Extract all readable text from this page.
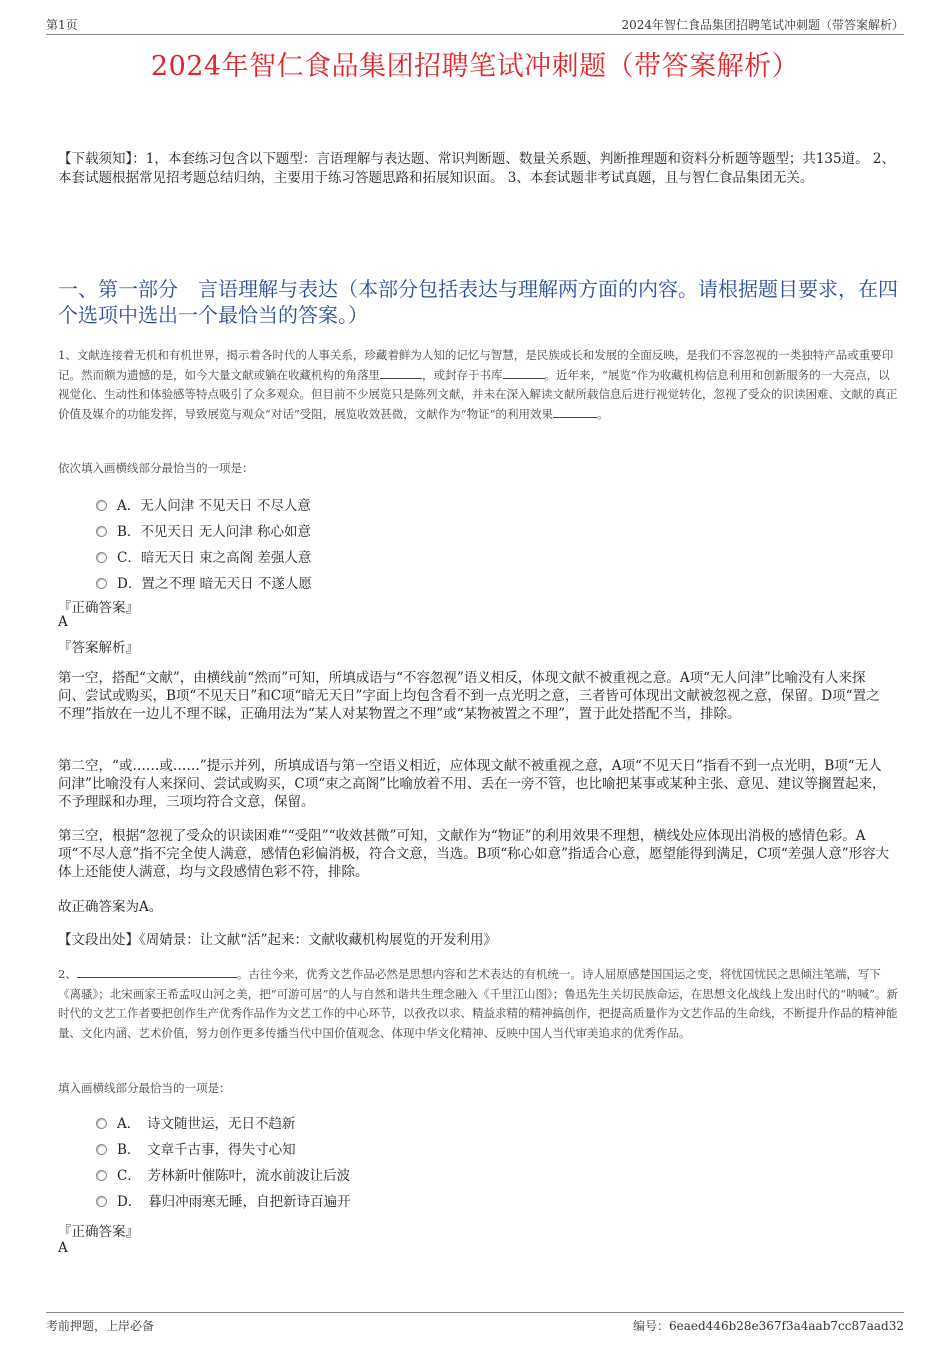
第1页	2024年智仁食品集团招聘笔试冲刺题（带答案解析）
2024年智仁食品集团招聘笔试冲刺题（带答案解析）
【下载须知】：1，本套练习包含以下题型：言语理解与表达题、常识判断题、数量关系题、判断推理题和资料分析题等题型；共135道。 2、本套试题根据常见招考题总结归纳，主要用于练习答题思路和拓展知识面。 3、本套试题非考试真题，且与智仁食品集团无关。
一、第一部分　言语理解与表达（本部分包括表达与理解两方面的内容。请根据题目要求，在四个选项中选出一个最恰当的答案。）
1、文献连接着无机和有机世界，揭示着各时代的人事关系，珍藏着鲜为人知的记忆与智慧，是民族成长和发展的全面反映，是我们不容忽视的一类独特产品或重要印记。然而颇为遗憾的是，如今大量文献或躺在收藏机构的角落里	，或封存于书库	。近年来，“展览”作为收藏机构信息利用和创新服务的一大亮点，以视觉化、生动性和体验感等特点吸引了众多观众。但目前不少展览只是陈列文献，并未在深入解读文献所载信息后进行视觉转化，忽视了受众的识读困难、文献的真正价值及媒介的功能发挥，导致展览与观众“对话”受阻，展览收效甚微，文献作为“物证”的利用效果	。
依次填入画横线部分最恰当的一项是：
A．无人问津 不见天日 不尽人意
B．不见天日 无人问津 称心如意
C．暗无天日 束之高阁 差强人意
D．置之不理 暗无天日 不遂人愿
『正确答案』
A
『答案解析』
第一空，搭配“文献”，由横线前“然而”可知，所填成语与“不容忽视”语义相反，体现文献不被重视之意。A项“无人问津”比喻没有人来探问、尝试或购买，B项“不见天日”和C项“暗无天日”字面上均包含看不到一点光明之意，三者皆可体现出文献被忽视之意，保留。D项“置之不理”指放在一边儿不理不睬，正确用法为“某人对某物置之不理”或“某物被置之不理”，置于此处搭配不当，排除。
第二空，“或……或……”提示并列，所填成语与第一空语义相近，应体现文献不被重视之意，A项“不见天日”指看不到一点光明，B项“无人问津”比喻没有人来探问、尝试或购买，C项“束之高阁”比喻放着不用、丢在一旁不管，也比喻把某事或某种主张、意见、建议等搁置起来，不予理睬和办理，三项均符合文意，保留。
第三空，根据“忽视了受众的识读困难”“受阻”“收效甚微”可知，文献作为“物证”的利用效果不理想，横线处应体现出消极的感情色彩。A项“不尽人意”指不完全使人满意，感情色彩偏消极，符合文意，当选。B项“称心如意”指适合心意，愿望能得到满足，C项“差强人意”形容大体上还能使人满意，均与文段感情色彩不符，排除。
故正确答案为A。
【文段出处】《周婧景：让文献“活”起来：文献收藏机构展览的开发利用》
2、	。古往今来，优秀文艺作品必然是思想内容和艺术表达的有机统一。诗人屈原感楚国国运之变，将忧国忧民之思倾注笔端，写下《离骚》；北宋画家王希孟叹山河之美，把“可游可居”的人与自然和谐共生理念融入《千里江山图》；鲁迅先生关切民族命运，在思想文化战线上发出时代的“呐喊”。新时代的文艺工作者要把创作生产优秀作品作为文艺工作的中心环节，以孜孜以求、精益求精的精神搞创作，把提高质量作为文艺作品的生命线，不断提升作品的精神能量、文化内涵、艺术价值，努力创作更多传播当代中国价值观念、体现中华文化精神、反映中国人当代审美追求的优秀作品。
填入画横线部分最恰当的一项是：
A．　诗文随世运，无日不趋新
B．　文章千古事，得失寸心知
C．　芳林新叶催陈叶，流水前波让后波
D．　暮归冲雨寒无睡，自把新诗百遍开
『正确答案』
A
考前押题，上岸必备	编号：6eaed446b28e367f3a4aab7cc87aad32
